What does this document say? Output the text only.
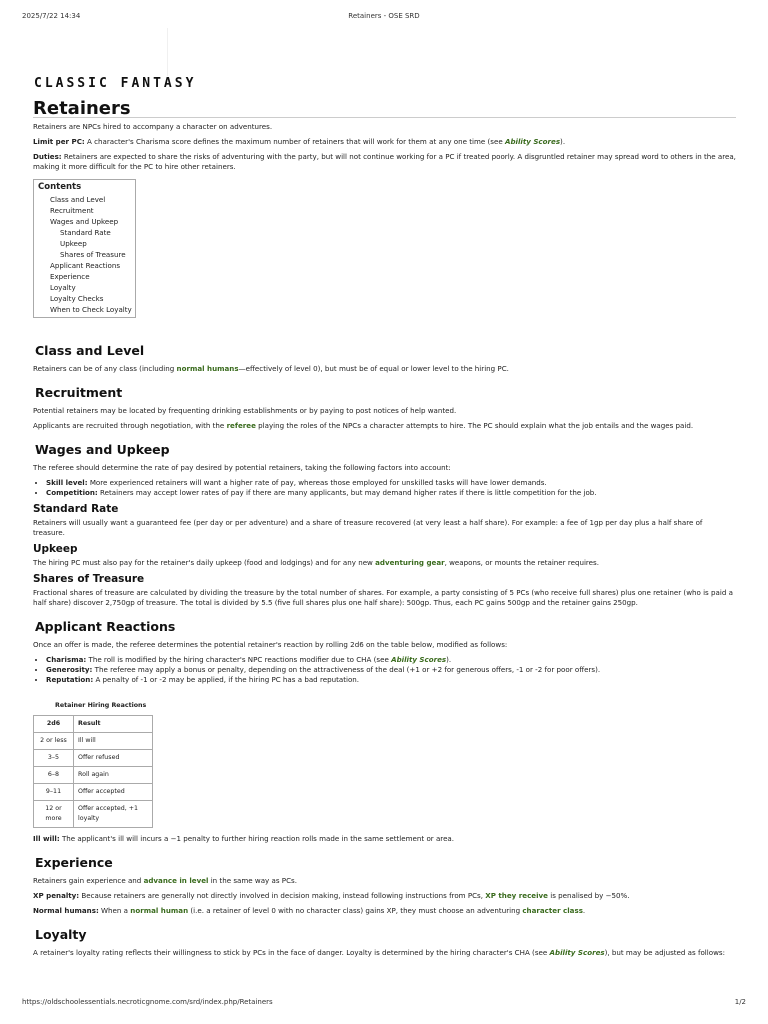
2025/7/22 14:34	Retainers - OSE SRD
CLASSIC FANTASY
Retainers

Retainers are NPCs hired to accompany a character on adventures.

Limit per PC: A character's Charisma score defines the maximum number of retainers that will work for them at any one time (see Ability Scores).

Duties: Retainers are expected to share the risks of adventuring with the party, but will not continue working for a PC if treated poorly. A disgruntled retainer may spread word to others in the area, making it more difficult for the PC to hire other retainers.

Contents
Class and Level
Recruitment
Wages and Upkeep
Standard Rate
Upkeep
Shares of Treasure
Applicant Reactions
Experience
Loyalty
Loyalty Checks
When to Check Loyalty
Class and Level

Retainers can be of any class (including normal humans—effectively of level 0), but must be of equal or lower level to the hiring PC.

Recruitment

Potential retainers may be located by frequenting drinking establishments or by paying to post notices of help wanted.

Applicants are recruited through negotiation, with the referee playing the roles of the NPCs a character attempts to hire. The PC should explain what the job entails and the wages paid.

Wages and Upkeep

The referee should determine the rate of pay desired by potential retainers, taking the following factors into account:

• Skill level: More experienced retainers will want a higher rate of pay, whereas those employed for unskilled tasks will have lower demands.
• Competition: Retainers may accept lower rates of pay if there are many applicants, but may demand higher rates if there is little competition for the job.
Standard Rate

Retainers will usually want a guaranteed fee (per day or per adventure) and a share of treasure recovered (at very least a half share). For example: a fee of 1gp per day plus a half share of treasure.

Upkeep

The hiring PC must also pay for the retainer's daily upkeep (food and lodgings) and for any new adventuring gear, weapons, or mounts the retainer requires.

Shares of Treasure

Fractional shares of treasure are calculated by dividing the treasure by the total number of shares. For example, a party consisting of 5 PCs (who receive full shares) plus one retainer (who is paid a half share) discover 2,750gp of treasure. The total is divided by 5.5 (five full shares plus one half share): 500gp. Thus, each PC gains 500gp and the retainer gains 250gp.

Applicant Reactions

Once an offer is made, the referee determines the potential retainer's reaction by rolling 2d6 on the table below, modified as follows:

• Charisma: The roll is modified by the hiring character's NPC reactions modifier due to CHA (see Ability Scores).
• Generosity: The referee may apply a bonus or penalty, depending on the attractiveness of the deal (+1 or +2 for generous offers, -1 or -2 for poor offers).
• Reputation: A penalty of -1 or -2 may be applied, if the hiring PC has a bad reputation.
Retainer Hiring Reactions
2d6	Result
2 or less	Ill will
3–5	Offer refused
6–8	Roll again
9–11	Offer accepted
12 or more	Offer accepted, +1 loyalty

Ill will: The applicant's ill will incurs a −1 penalty to further hiring reaction rolls made in the same settlement or area.

Experience

Retainers gain experience and advance in level in the same way as PCs.

XP penalty: Because retainers are generally not directly involved in decision making, instead following instructions from PCs, XP they receive is penalised by −50%.

Normal humans: When a normal human (i.e. a retainer of level 0 with no character class) gains XP, they must choose an adventuring character class.

Loyalty

A retainer's loyalty rating reflects their willingness to stick by PCs in the face of danger. Loyalty is determined by the hiring character's CHA (see Ability Scores), but may be adjusted as follows:

https://oldschoolessentials.necroticgnome.com/srd/index.php/Retainers	1/2
